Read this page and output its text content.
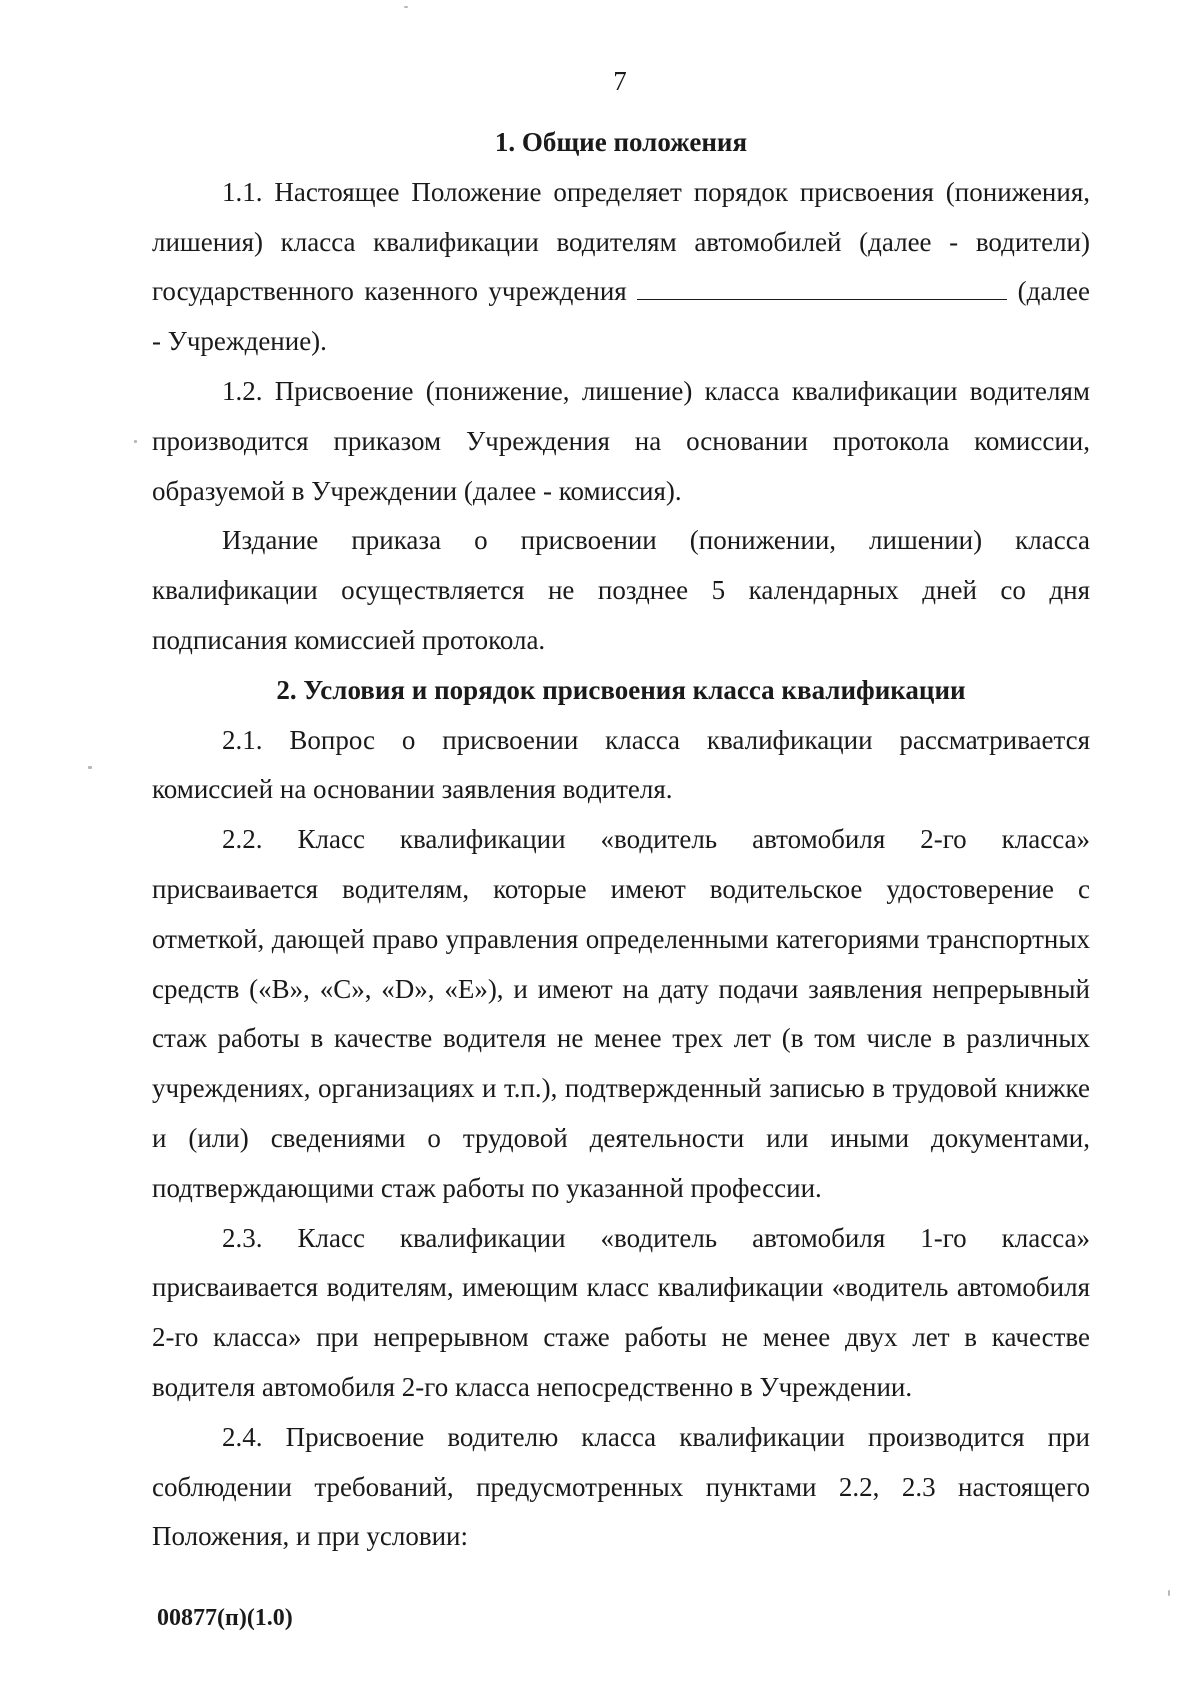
7
1. Общие положения

1.1. Настоящее Положение определяет порядок присвоения (понижения, лишения) класса квалификации водителям автомобилей (далее - водители) государственного казенного учреждения	(далее - Учреждение).

1.2. Присвоение (понижение, лишение) класса квалификации водителям производится приказом Учреждения на основании протокола комиссии, образуемой в Учреждении (далее - комиссия).

Издание приказа о присвоении (понижении, лишении) класса квалификации осуществляется не позднее 5 календарных дней со дня подписания комиссией протокола.

2. Условия и порядок присвоения класса квалификации

2.1. Вопрос о присвоении класса квалификации рассматривается комиссией на основании заявления водителя.

2.2. Класс квалификации «водитель автомобиля 2-го класса» присваивается водителям, которые имеют водительское удостоверение с отметкой, дающей право управления определенными категориями транспортных средств («В», «С», «D», «Е»), и имеют на дату подачи заявления непрерывный стаж работы в качестве водителя не менее трех лет (в том числе в различных учреждениях, организациях и т.п.), подтвержденный записью в трудовой книжке и (или) сведениями о трудовой деятельности или иными документами, подтверждающими стаж работы по указанной профессии.

2.3. Класс квалификации «водитель автомобиля 1-го класса» присваивается водителям, имеющим класс квалификации «водитель автомобиля 2-го класса» при непрерывном стаже работы не менее двух лет в качестве водителя автомобиля 2-го класса непосредственно в Учреждении.

2.4. Присвоение водителю класса квалификации производится при соблюдении требований, предусмотренных пунктами 2.2, 2.3 настоящего Положения, и при условии:

00877(п)(1.0)
